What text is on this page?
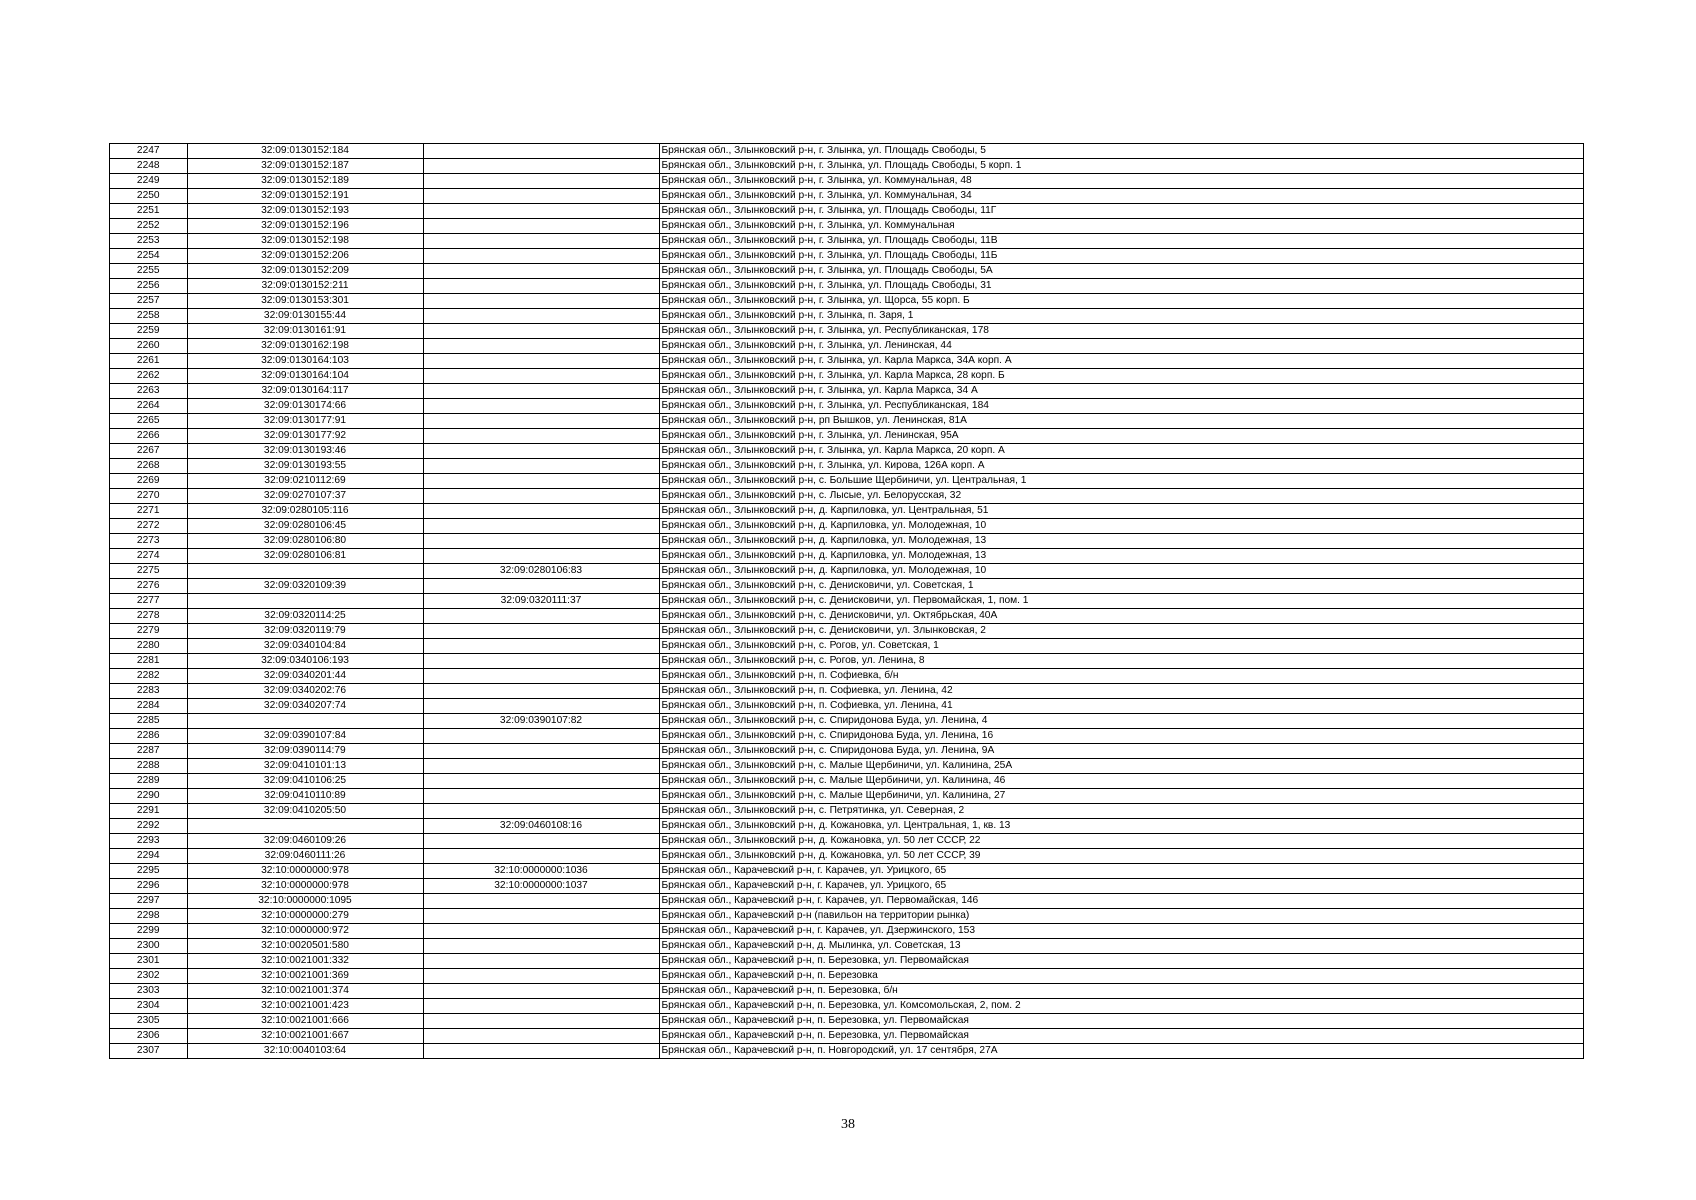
2247	32:09:0130152:184		Брянская обл., Злынковский р-н, г. Злынка, ул. Площадь Свободы, 5
2248	32:09:0130152:187		Брянская обл., Злынковский р-н, г. Злынка, ул. Площадь Свободы, 5 корп. 1
2249	32:09:0130152:189		Брянская обл., Злынковский р-н, г. Злынка, ул. Коммунальная, 48
2250	32:09:0130152:191		Брянская обл., Злынковский р-н, г. Злынка, ул. Коммунальная, 34
2251	32:09:0130152:193		Брянская обл., Злынковский р-н, г. Злынка, ул. Площадь Свободы, 11Г
2252	32:09:0130152:196		Брянская обл., Злынковский р-н, г. Злынка, ул. Коммунальная
2253	32:09:0130152:198		Брянская обл., Злынковский р-н, г. Злынка, ул. Площадь Свободы, 11В
2254	32:09:0130152:206		Брянская обл., Злынковский р-н, г. Злынка, ул. Площадь Свободы, 11Б
2255	32:09:0130152:209		Брянская обл., Злынковский р-н, г. Злынка, ул. Площадь Свободы, 5А
2256	32:09:0130152:211		Брянская обл., Злынковский р-н, г. Злынка, ул. Площадь Свободы, 31
2257	32:09:0130153:301		Брянская обл., Злынковский р-н, г. Злынка, ул. Щорса, 55 корп. Б
2258	32:09:0130155:44		Брянская обл., Злынковский р-н, г. Злынка, п. Заря, 1
2259	32:09:0130161:91		Брянская обл., Злынковский р-н, г. Злынка, ул. Республиканская, 178
2260	32:09:0130162:198		Брянская обл., Злынковский р-н, г. Злынка, ул. Ленинская, 44
2261	32:09:0130164:103		Брянская обл., Злынковский р-н, г. Злынка, ул. Карла Маркса, 34А корп. А
2262	32:09:0130164:104		Брянская обл., Злынковский р-н, г. Злынка, ул. Карла Маркса, 28 корп. Б
2263	32:09:0130164:117		Брянская обл., Злынковский р-н, г. Злынка, ул. Карла Маркса, 34 А
2264	32:09:0130174:66		Брянская обл., Злынковский р-н, г. Злынка, ул. Республиканская, 184
2265	32:09:0130177:91		Брянская обл., Злынковский р-н, рп Вышков, ул. Ленинская, 81А
2266	32:09:0130177:92		Брянская обл., Злынковский р-н, г. Злынка, ул. Ленинская, 95А
2267	32:09:0130193:46		Брянская обл., Злынковский р-н, г. Злынка, ул. Карла Маркса, 20 корп. А
2268	32:09:0130193:55		Брянская обл., Злынковский р-н, г. Злынка, ул. Кирова, 126А корп. А
2269	32:09:0210112:69		Брянская обл., Злынковский р-н, с. Большие Щербиничи, ул. Центральная, 1
2270	32:09:0270107:37		Брянская обл., Злынковский р-н, с. Лысые, ул. Белорусская, 32
2271	32:09:0280105:116		Брянская обл., Злынковский р-н, д. Карпиловка, ул. Центральная, 51
2272	32:09:0280106:45		Брянская обл., Злынковский р-н, д. Карпиловка, ул. Молодежная, 10
2273	32:09:0280106:80		Брянская обл., Злынковский р-н, д. Карпиловка, ул. Молодежная, 13
2274	32:09:0280106:81		Брянская обл., Злынковский р-н, д. Карпиловка, ул. Молодежная, 13
2275		32:09:0280106:83	Брянская обл., Злынковский р-н, д. Карпиловка, ул. Молодежная, 10
2276	32:09:0320109:39		Брянская обл., Злынковский р-н, с. Денисковичи, ул. Советская, 1
2277		32:09:0320111:37	Брянская обл., Злынковский р-н, с. Денисковичи, ул. Первомайская, 1, пом. 1
2278	32:09:0320114:25		Брянская обл., Злынковский р-н, с. Денисковичи, ул. Октябрьская, 40А
2279	32:09:0320119:79		Брянская обл., Злынковский р-н, с. Денисковичи, ул. Злынковская, 2
2280	32:09:0340104:84		Брянская обл., Злынковский р-н, с. Рогов, ул. Советская, 1
2281	32:09:0340106:193		Брянская обл., Злынковский р-н, с. Рогов, ул. Ленина, 8
2282	32:09:0340201:44		Брянская обл., Злынковский р-н, п. Софиевка, б/н
2283	32:09:0340202:76		Брянская обл., Злынковский р-н, п. Софиевка, ул. Ленина, 42
2284	32:09:0340207:74		Брянская обл., Злынковский р-н, п. Софиевка, ул. Ленина, 41
2285		32:09:0390107:82	Брянская обл., Злынковский р-н, с. Спиридонова Буда, ул. Ленина, 4
2286	32:09:0390107:84		Брянская обл., Злынковский р-н, с. Спиридонова Буда, ул. Ленина, 16
2287	32:09:0390114:79		Брянская обл., Злынковский р-н, с. Спиридонова Буда, ул. Ленина, 9А
2288	32:09:0410101:13		Брянская обл., Злынковский р-н, с. Малые Щербиничи, ул. Калинина, 25А
2289	32:09:0410106:25		Брянская обл., Злынковский р-н, с. Малые Щербиничи, ул. Калинина, 46
2290	32:09:0410110:89		Брянская обл., Злынковский р-н, с. Малые Щербиничи, ул. Калинина, 27
2291	32:09:0410205:50		Брянская обл., Злынковский р-н, с. Петрятинка, ул. Северная, 2
2292		32:09:0460108:16	Брянская обл., Злынковский р-н, д. Кожановка, ул. Центральная, 1, кв. 13
2293	32:09:0460109:26		Брянская обл., Злынковский р-н, д. Кожановка, ул. 50 лет СССР, 22
2294	32:09:0460111:26		Брянская обл., Злынковский р-н, д. Кожановка, ул. 50 лет СССР, 39
2295	32:10:0000000:978	32:10:0000000:1036	Брянская обл., Карачевский р-н, г. Карачев, ул. Урицкого, 65
2296	32:10:0000000:978	32:10:0000000:1037	Брянская обл., Карачевский р-н, г. Карачев, ул. Урицкого, 65
2297	32:10:0000000:1095		Брянская обл., Карачевский р-н, г. Карачев, ул. Первомайская, 146
2298	32:10:0000000:279		Брянская обл., Карачевский р-н (павильон на территории рынка)
2299	32:10:0000000:972		Брянская обл., Карачевский р-н, г. Карачев, ул. Дзержинского, 153
2300	32:10:0020501:580		Брянская обл., Карачевский р-н, д. Мылинка, ул. Советская, 13
2301	32:10:0021001:332		Брянская обл., Карачевский р-н, п. Березовка, ул. Первомайская
2302	32:10:0021001:369		Брянская обл., Карачевский р-н, п. Березовка
2303	32:10:0021001:374		Брянская обл., Карачевский р-н, п. Березовка, б/н
2304	32:10:0021001:423		Брянская обл., Карачевский р-н, п. Березовка, ул. Комсомольская, 2, пом. 2
2305	32:10:0021001:666		Брянская обл., Карачевский р-н, п. Березовка, ул. Первомайская
2306	32:10:0021001:667		Брянская обл., Карачевский р-н, п. Березовка, ул. Первомайская
2307	32:10:0040103:64		Брянская обл., Карачевский р-н, п. Новгородский, ул. 17 сентября, 27А
38
